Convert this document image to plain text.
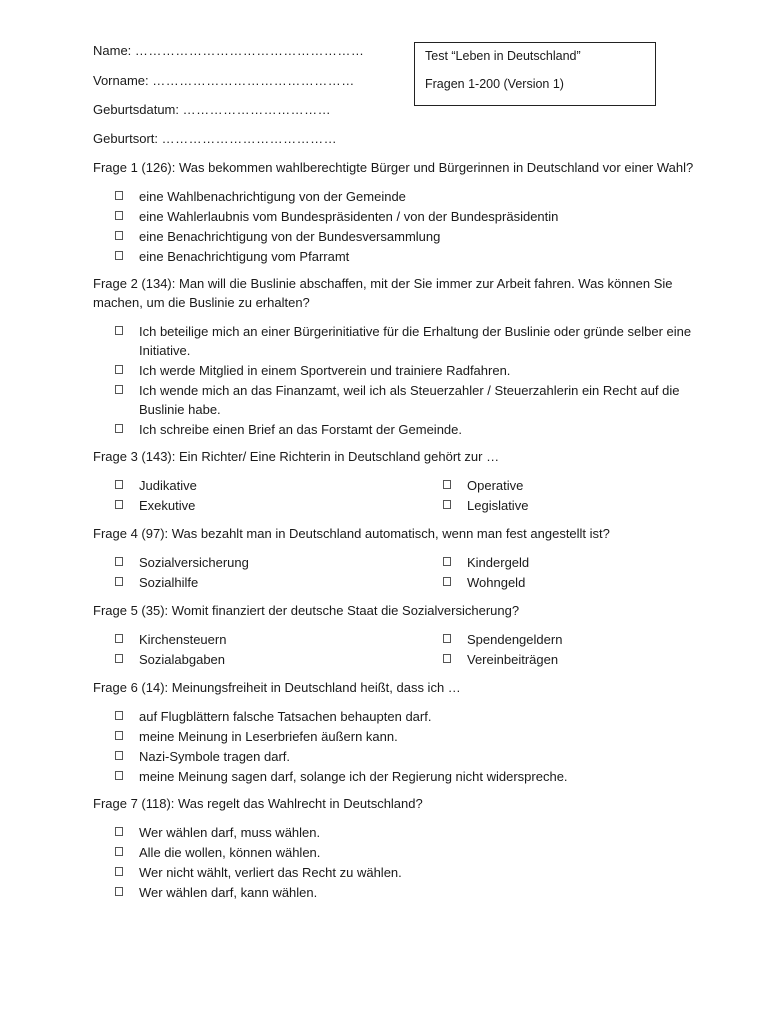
Name: ……………………………………………
Vorname: ………………………………………
Geburtsdatum: ……………………………
Geburtsort: …………………………………
Test “Leben in Deutschland”
Fragen 1-200 (Version 1)

Frage 1 (126): Was bekommen wahlberechtigte Bürger und Bürgerinnen in Deutschland vor einer Wahl?

eine Wahlbenachrichtigung von der Gemeinde
eine Wahlerlaubnis vom Bundespräsidenten / von der Bundespräsidentin
eine Benachrichtigung von der Bundesversammlung
eine Benachrichtigung vom Pfarramt

Frage 2 (134): Man will die Buslinie abschaffen, mit der Sie immer zur Arbeit fahren. Was können Sie machen, um die Buslinie zu erhalten?

Ich beteilige mich an einer Bürgerinitiative für die Erhaltung der Buslinie oder gründe selber eine Initiative.
Ich werde Mitglied in einem Sportverein und trainiere Radfahren.
Ich wende mich an das Finanzamt, weil ich als Steuerzahler / Steuerzahlerin ein Recht auf die Buslinie habe.
Ich schreibe einen Brief an das Forstamt der Gemeinde.

Frage 3 (143): Ein Richter/ Eine Richterin in Deutschland gehört zur …

Judikative	Operative
Exekutive	Legislative

Frage 4 (97): Was bezahlt man in Deutschland automatisch, wenn man fest angestellt ist?

Sozialversicherung	Kindergeld
Sozialhilfe	Wohngeld

Frage 5 (35): Womit finanziert der deutsche Staat die Sozialversicherung?

Kirchensteuern	Spendengeldern
Sozialabgaben	Vereinbeiträgen

Frage 6 (14): Meinungsfreiheit in Deutschland heißt, dass ich …

auf Flugblättern falsche Tatsachen behaupten darf.
meine Meinung in Leserbriefen äußern kann.
Nazi-Symbole tragen darf.
meine Meinung sagen darf, solange ich der Regierung nicht widerspreche.

Frage 7 (118): Was regelt das Wahlrecht in Deutschland?

Wer wählen darf, muss wählen.
Alle die wollen, können wählen.
Wer nicht wählt, verliert das Recht zu wählen.
Wer wählen darf, kann wählen.
